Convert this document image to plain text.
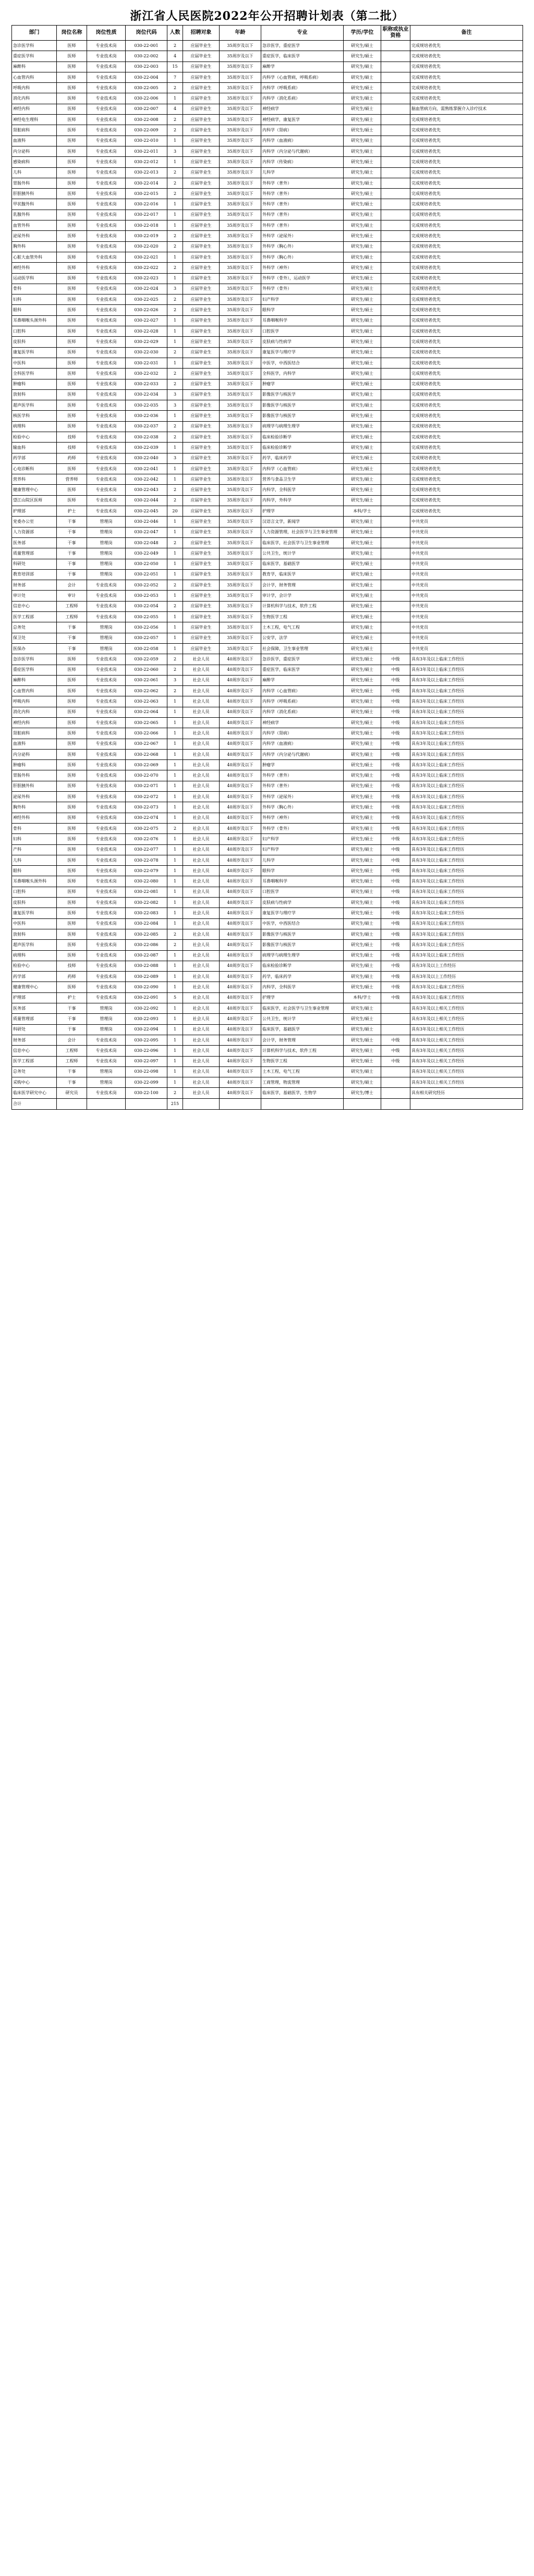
浙江省人民医院2022年公开招聘计划表（第二批）
部门	岗位名称	岗位性质	岗位代码	人数	招聘对象	年龄	专业	学历/学位	职称或执业资格	备注
急诊医学科	医师	专业技术岗	030-22-001	2	应届毕业生	35周岁及以下	急诊医学，重症医学	研究生/硕士		完成规培者优先
重症医学科	医师	专业技术岗	030-22-002	4	应届毕业生	35周岁及以下	重症医学，临床医学	研究生/硕士		完成规培者优先
麻醉科	医师	专业技术岗	030-22-003	15	应届毕业生	35周岁及以下	麻醉学	研究生/硕士		完成规培者优先
心血管内科	医师	专业技术岗	030-22-004	7	应届毕业生	35周岁及以下	内科学（心血管病，呼吸系病）	研究生/硕士		完成规培者优先
呼吸内科	医师	专业技术岗	030-22-005	2	应届毕业生	35周岁及以下	内科学（呼吸系病）	研究生/硕士		完成规培者优先
消化内科	医师	专业技术岗	030-22-006	1	应届毕业生	35周岁及以下	内科学（消化系病）	研究生/硕士		完成规培者优先
神经内科	医师	专业技术岗	030-22-007	4	应届毕业生	35周岁及以下	神经病学	研究生/硕士		脑血管病方向，需熟练掌握介入诊疗技术
神经电生理科	医师	专业技术岗	030-22-008	2	应届毕业生	35周岁及以下	神经病学，康复医学	研究生/硕士		完成规培者优先
肾脏病科	医师	专业技术岗	030-22-009	2	应届毕业生	35周岁及以下	内科学（肾病）	研究生/硕士		完成规培者优先
血液科	医师	专业技术岗	030-22-010	1	应届毕业生	35周岁及以下	内科学（血液病）	研究生/硕士		完成规培者优先
内分泌科	医师	专业技术岗	030-22-011	3	应届毕业生	35周岁及以下	内科学（内分泌与代谢病）	研究生/硕士		完成规培者优先
感染病科	医师	专业技术岗	030-22-012	1	应届毕业生	35周岁及以下	内科学（传染病）	研究生/硕士		完成规培者优先
儿科	医师	专业技术岗	030-22-013	2	应届毕业生	35周岁及以下	儿科学	研究生/硕士		完成规培者优先
胃肠外科	医师	专业技术岗	030-22-014	2	应届毕业生	35周岁及以下	外科学（普外）	研究生/硕士		完成规培者优先
肝胆胰外科	医师	专业技术岗	030-22-015	2	应届毕业生	35周岁及以下	外科学（普外）	研究生/硕士		完成规培者优先
甲状腺外科	医师	专业技术岗	030-22-016	1	应届毕业生	35周岁及以下	外科学（普外）	研究生/硕士		完成规培者优先
乳腺外科	医师	专业技术岗	030-22-017	1	应届毕业生	35周岁及以下	外科学（普外）	研究生/硕士		完成规培者优先
血管外科	医师	专业技术岗	030-22-018	1	应届毕业生	35周岁及以下	外科学（普外）	研究生/硕士		完成规培者优先
泌尿外科	医师	专业技术岗	030-22-019	2	应届毕业生	35周岁及以下	外科学（泌尿外）	研究生/硕士		完成规培者优先
胸外科	医师	专业技术岗	030-22-020	2	应届毕业生	35周岁及以下	外科学（胸心外）	研究生/硕士		完成规培者优先
心脏大血管外科	医师	专业技术岗	030-22-021	1	应届毕业生	35周岁及以下	外科学（胸心外）	研究生/硕士		完成规培者优先
神经外科	医师	专业技术岗	030-22-022	2	应届毕业生	35周岁及以下	外科学（神外）	研究生/硕士		完成规培者优先
运动医学科	医师	专业技术岗	030-22-023	1	应届毕业生	35周岁及以下	外科学（骨外），运动医学	研究生/硕士		完成规培者优先
骨科	医师	专业技术岗	030-22-024	3	应届毕业生	35周岁及以下	外科学（骨外）	研究生/硕士		完成规培者优先
妇科	医师	专业技术岗	030-22-025	2	应届毕业生	35周岁及以下	妇产科学	研究生/硕士		完成规培者优先
眼科	医师	专业技术岗	030-22-026	2	应届毕业生	35周岁及以下	眼科学	研究生/硕士		完成规培者优先
耳鼻咽喉头颈外科	医师	专业技术岗	030-22-027	1	应届毕业生	35周岁及以下	耳鼻咽喉科学	研究生/硕士		完成规培者优先
口腔科	医师	专业技术岗	030-22-028	1	应届毕业生	35周岁及以下	口腔医学	研究生/硕士		完成规培者优先
皮肤科	医师	专业技术岗	030-22-029	1	应届毕业生	35周岁及以下	皮肤病与性病学	研究生/硕士		完成规培者优先
康复医学科	医师	专业技术岗	030-22-030	2	应届毕业生	35周岁及以下	康复医学与理疗学	研究生/硕士		完成规培者优先
中医科	医师	专业技术岗	030-22-031	1	应届毕业生	35周岁及以下	中医学，中西医结合	研究生/硕士		完成规培者优先
全科医学科	医师	专业技术岗	030-22-032	2	应届毕业生	35周岁及以下	全科医学，内科学	研究生/硕士		完成规培者优先
肿瘤科	医师	专业技术岗	030-22-033	2	应届毕业生	35周岁及以下	肿瘤学	研究生/硕士		完成规培者优先
放射科	医师	专业技术岗	030-22-034	3	应届毕业生	35周岁及以下	影像医学与核医学	研究生/硕士		完成规培者优先
超声医学科	医师	专业技术岗	030-22-035	3	应届毕业生	35周岁及以下	影像医学与核医学	研究生/硕士		完成规培者优先
核医学科	医师	专业技术岗	030-22-036	1	应届毕业生	35周岁及以下	影像医学与核医学	研究生/硕士		完成规培者优先
病理科	医师	专业技术岗	030-22-037	2	应届毕业生	35周岁及以下	病理学与病理生理学	研究生/硕士		完成规培者优先
检验中心	技师	专业技术岗	030-22-038	2	应届毕业生	35周岁及以下	临床检验诊断学	研究生/硕士		完成规培者优先
输血科	技师	专业技术岗	030-22-039	1	应届毕业生	35周岁及以下	临床检验诊断学	研究生/硕士		完成规培者优先
药学部	药师	专业技术岗	030-22-040	3	应届毕业生	35周岁及以下	药学，临床药学	研究生/硕士		完成规培者优先
心电诊断科	医师	专业技术岗	030-22-041	1	应届毕业生	35周岁及以下	内科学（心血管病）	研究生/硕士		完成规培者优先
营养科	营养师	专业技术岗	030-22-042	1	应届毕业生	35周岁及以下	营养与食品卫生学	研究生/硕士		完成规培者优先
健康管理中心	医师	专业技术岗	030-22-043	2	应届毕业生	35周岁及以下	内科学，全科医学	研究生/硕士		完成规培者优先
望江山院区医师	医师	专业技术岗	030-22-044	2	应届毕业生	35周岁及以下	内科学，外科学	研究生/硕士		完成规培者优先
护理部	护士	专业技术岗	030-22-045	20	应届毕业生	35周岁及以下	护理学	本科/学士		完成规培者优先
党委办公室	干事	管理岗	030-22-046	1	应届毕业生	35周岁及以下	汉语言文学，新闻学	研究生/硕士		中共党员
人力资源部	干事	管理岗	030-22-047	1	应届毕业生	35周岁及以下	人力资源管理，社会医学与卫生事业管理	研究生/硕士		中共党员
医务部	干事	管理岗	030-22-048	2	应届毕业生	35周岁及以下	临床医学，社会医学与卫生事业管理	研究生/硕士		中共党员
质量管理部	干事	管理岗	030-22-049	1	应届毕业生	35周岁及以下	公共卫生，统计学	研究生/硕士		中共党员
科研处	干事	管理岗	030-22-050	1	应届毕业生	35周岁及以下	临床医学，基础医学	研究生/硕士		中共党员
教育培训部	干事	管理岗	030-22-051	1	应届毕业生	35周岁及以下	教育学，临床医学	研究生/硕士		中共党员
财务部	会计	专业技术岗	030-22-052	2	应届毕业生	35周岁及以下	会计学，财务管理	研究生/硕士		中共党员
审计处	审计	专业技术岗	030-22-053	1	应届毕业生	35周岁及以下	审计学，会计学	研究生/硕士		中共党员
信息中心	工程师	专业技术岗	030-22-054	2	应届毕业生	35周岁及以下	计算机科学与技术，软件工程	研究生/硕士		中共党员
医学工程部	工程师	专业技术岗	030-22-055	1	应届毕业生	35周岁及以下	生物医学工程	研究生/硕士		中共党员
总务处	干事	管理岗	030-22-056	1	应届毕业生	35周岁及以下	土木工程，电气工程	研究生/硕士		中共党员
保卫处	干事	管理岗	030-22-057	1	应届毕业生	35周岁及以下	公安学，法学	研究生/硕士		中共党员
医保办	干事	管理岗	030-22-058	1	应届毕业生	35周岁及以下	社会保障，卫生事业管理	研究生/硕士		中共党员
急诊医学科	医师	专业技术岗	030-22-059	2	社会人员	40周岁及以下	急诊医学，重症医学	研究生/硕士	中级	具有3年及以上临床工作经历
重症医学科	医师	专业技术岗	030-22-060	2	社会人员	40周岁及以下	重症医学，临床医学	研究生/硕士	中级	具有3年及以上临床工作经历
麻醉科	医师	专业技术岗	030-22-061	3	社会人员	40周岁及以下	麻醉学	研究生/硕士	中级	具有3年及以上临床工作经历
心血管内科	医师	专业技术岗	030-22-062	2	社会人员	40周岁及以下	内科学（心血管病）	研究生/硕士	中级	具有3年及以上临床工作经历
呼吸内科	医师	专业技术岗	030-22-063	1	社会人员	40周岁及以下	内科学（呼吸系病）	研究生/硕士	中级	具有3年及以上临床工作经历
消化内科	医师	专业技术岗	030-22-064	1	社会人员	40周岁及以下	内科学（消化系病）	研究生/硕士	中级	具有3年及以上临床工作经历
神经内科	医师	专业技术岗	030-22-065	1	社会人员	40周岁及以下	神经病学	研究生/硕士	中级	具有3年及以上临床工作经历
肾脏病科	医师	专业技术岗	030-22-066	1	社会人员	40周岁及以下	内科学（肾病）	研究生/硕士	中级	具有3年及以上临床工作经历
血液科	医师	专业技术岗	030-22-067	1	社会人员	40周岁及以下	内科学（血液病）	研究生/硕士	中级	具有3年及以上临床工作经历
内分泌科	医师	专业技术岗	030-22-068	1	社会人员	40周岁及以下	内科学（内分泌与代谢病）	研究生/硕士	中级	具有3年及以上临床工作经历
肿瘤科	医师	专业技术岗	030-22-069	1	社会人员	40周岁及以下	肿瘤学	研究生/硕士	中级	具有3年及以上临床工作经历
胃肠外科	医师	专业技术岗	030-22-070	1	社会人员	40周岁及以下	外科学（普外）	研究生/硕士	中级	具有3年及以上临床工作经历
肝胆胰外科	医师	专业技术岗	030-22-071	1	社会人员	40周岁及以下	外科学（普外）	研究生/硕士	中级	具有3年及以上临床工作经历
泌尿外科	医师	专业技术岗	030-22-072	1	社会人员	40周岁及以下	外科学（泌尿外）	研究生/硕士	中级	具有3年及以上临床工作经历
胸外科	医师	专业技术岗	030-22-073	1	社会人员	40周岁及以下	外科学（胸心外）	研究生/硕士	中级	具有3年及以上临床工作经历
神经外科	医师	专业技术岗	030-22-074	1	社会人员	40周岁及以下	外科学（神外）	研究生/硕士	中级	具有3年及以上临床工作经历
骨科	医师	专业技术岗	030-22-075	2	社会人员	40周岁及以下	外科学（骨外）	研究生/硕士	中级	具有3年及以上临床工作经历
妇科	医师	专业技术岗	030-22-076	1	社会人员	40周岁及以下	妇产科学	研究生/硕士	中级	具有3年及以上临床工作经历
产科	医师	专业技术岗	030-22-077	1	社会人员	40周岁及以下	妇产科学	研究生/硕士	中级	具有3年及以上临床工作经历
儿科	医师	专业技术岗	030-22-078	1	社会人员	40周岁及以下	儿科学	研究生/硕士	中级	具有3年及以上临床工作经历
眼科	医师	专业技术岗	030-22-079	1	社会人员	40周岁及以下	眼科学	研究生/硕士	中级	具有3年及以上临床工作经历
耳鼻咽喉头颈外科	医师	专业技术岗	030-22-080	1	社会人员	40周岁及以下	耳鼻咽喉科学	研究生/硕士	中级	具有3年及以上临床工作经历
口腔科	医师	专业技术岗	030-22-081	1	社会人员	40周岁及以下	口腔医学	研究生/硕士	中级	具有3年及以上临床工作经历
皮肤科	医师	专业技术岗	030-22-082	1	社会人员	40周岁及以下	皮肤病与性病学	研究生/硕士	中级	具有3年及以上临床工作经历
康复医学科	医师	专业技术岗	030-22-083	1	社会人员	40周岁及以下	康复医学与理疗学	研究生/硕士	中级	具有3年及以上临床工作经历
中医科	医师	专业技术岗	030-22-084	1	社会人员	40周岁及以下	中医学，中西医结合	研究生/硕士	中级	具有3年及以上临床工作经历
放射科	医师	专业技术岗	030-22-085	2	社会人员	40周岁及以下	影像医学与核医学	研究生/硕士	中级	具有3年及以上临床工作经历
超声医学科	医师	专业技术岗	030-22-086	2	社会人员	40周岁及以下	影像医学与核医学	研究生/硕士	中级	具有3年及以上临床工作经历
病理科	医师	专业技术岗	030-22-087	1	社会人员	40周岁及以下	病理学与病理生理学	研究生/硕士	中级	具有3年及以上临床工作经历
检验中心	技师	专业技术岗	030-22-088	1	社会人员	40周岁及以下	临床检验诊断学	研究生/硕士	中级	具有3年及以上工作经历
药学部	药师	专业技术岗	030-22-089	1	社会人员	40周岁及以下	药学，临床药学	研究生/硕士	中级	具有3年及以上工作经历
健康管理中心	医师	专业技术岗	030-22-090	1	社会人员	40周岁及以下	内科学，全科医学	研究生/硕士	中级	具有3年及以上临床工作经历
护理部	护士	专业技术岗	030-22-091	5	社会人员	40周岁及以下	护理学	本科/学士	中级	具有3年及以上临床工作经历
医务部	干事	管理岗	030-22-092	1	社会人员	40周岁及以下	临床医学，社会医学与卫生事业管理	研究生/硕士		具有3年及以上相关工作经历
质量管理部	干事	管理岗	030-22-093	1	社会人员	40周岁及以下	公共卫生，统计学	研究生/硕士		具有3年及以上相关工作经历
科研处	干事	管理岗	030-22-094	1	社会人员	40周岁及以下	临床医学，基础医学	研究生/硕士		具有3年及以上相关工作经历
财务部	会计	专业技术岗	030-22-095	1	社会人员	40周岁及以下	会计学，财务管理	研究生/硕士	中级	具有3年及以上相关工作经历
信息中心	工程师	专业技术岗	030-22-096	1	社会人员	40周岁及以下	计算机科学与技术，软件工程	研究生/硕士	中级	具有3年及以上相关工作经历
医学工程部	工程师	专业技术岗	030-22-097	1	社会人员	40周岁及以下	生物医学工程	研究生/硕士	中级	具有3年及以上相关工作经历
总务处	干事	管理岗	030-22-098	1	社会人员	40周岁及以下	土木工程，电气工程	研究生/硕士		具有3年及以上相关工作经历
采购中心	干事	管理岗	030-22-099	1	社会人员	40周岁及以下	工商管理，物流管理	研究生/硕士		具有3年及以上相关工作经历
临床医学研究中心	研究员	专业技术岗	030-22-100	2	社会人员	40周岁及以下	临床医学，基础医学，生物学	研究生/博士		具有相关研究经历
合计				215						
